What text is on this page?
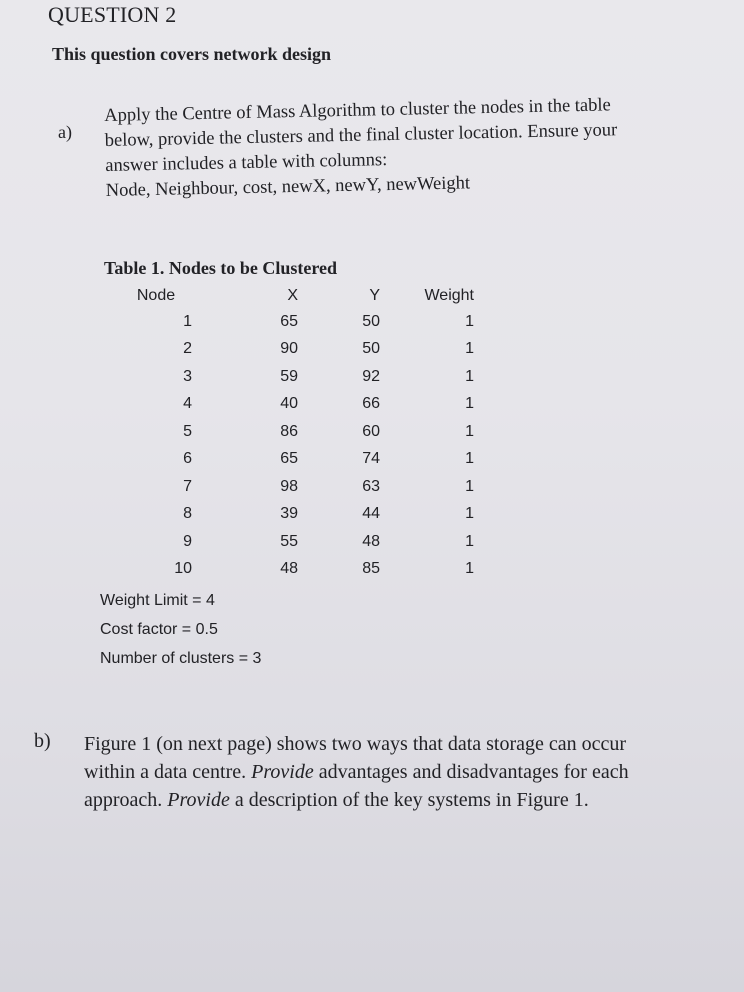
QUESTION 2
This question covers network design
a)
Apply the Centre of Mass Algorithm to cluster the nodes in the table
below, provide the clusters and the final cluster location. Ensure your
answer includes a table with columns:
Node, Neighbour, cost, newX, newY, newWeight
Table 1. Nodes to be Clustered
Node	X	Y	Weight
1	65	50	1
2	90	50	1
3	59	92	1
4	40	66	1
5	86	60	1
6	65	74	1
7	98	63	1
8	39	44	1
9	55	48	1
10	48	85	1
Weight Limit = 4
Cost factor = 0.5
Number of clusters = 3
b) Figure 1 (on next page) shows two ways that data storage can occur
within a data centre. Provide advantages and disadvantages for each
approach. Provide a description of the key systems in Figure 1.
